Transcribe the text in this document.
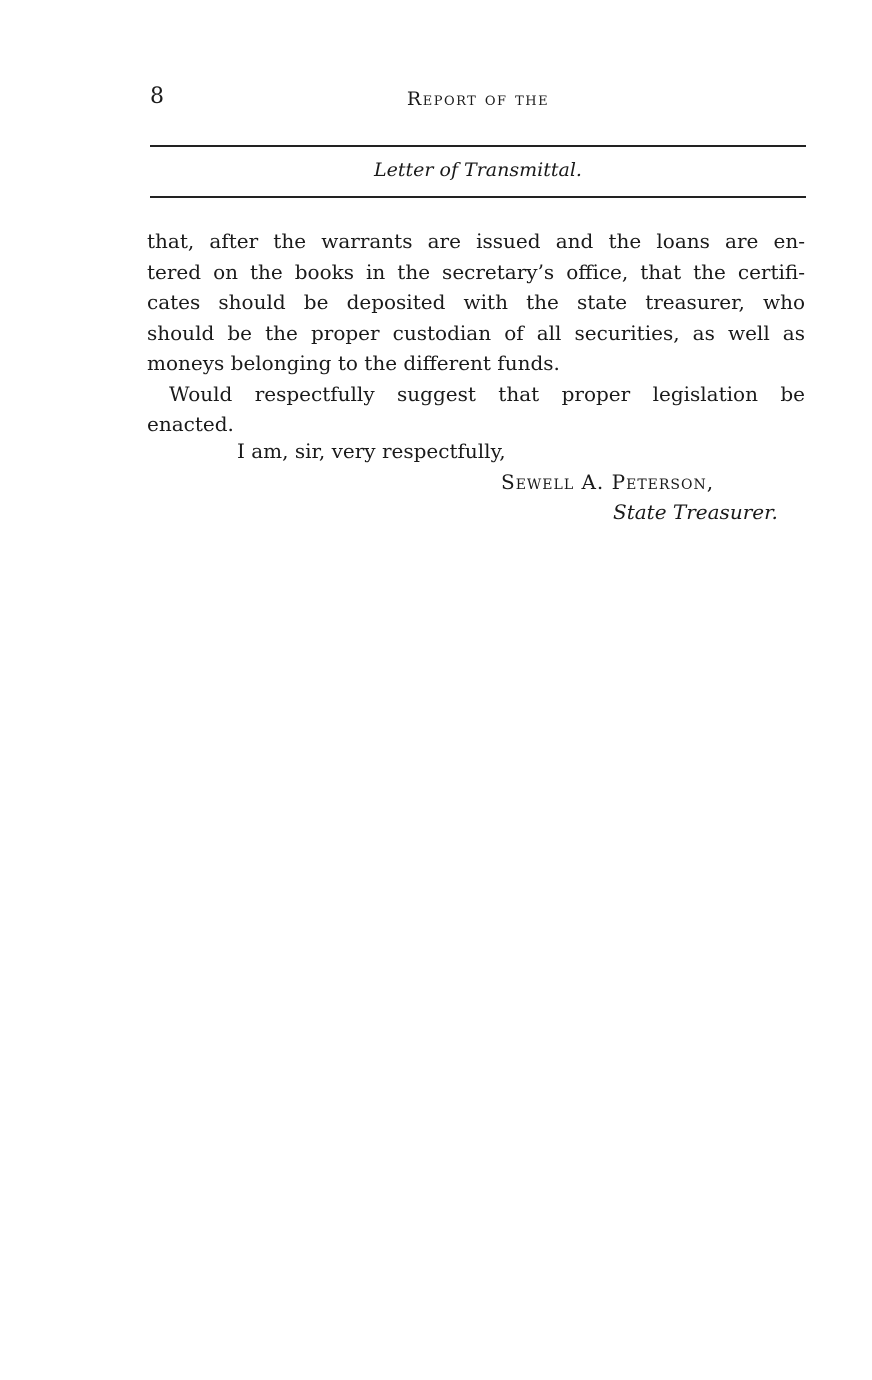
8	Report of the
Letter of Transmittal.

that, after the warrants are issued and the loans are en-

tered on the books in the secretary’s office, that the certifi-

cates should be deposited with the state treasurer, who

should be the proper custodian of all securities, as well as

moneys belonging to the different funds.

Would respectfully suggest that proper legislation be

enacted.

I am, sir, very respectfully,
Sewell A. Peterson,
State Treasurer.
